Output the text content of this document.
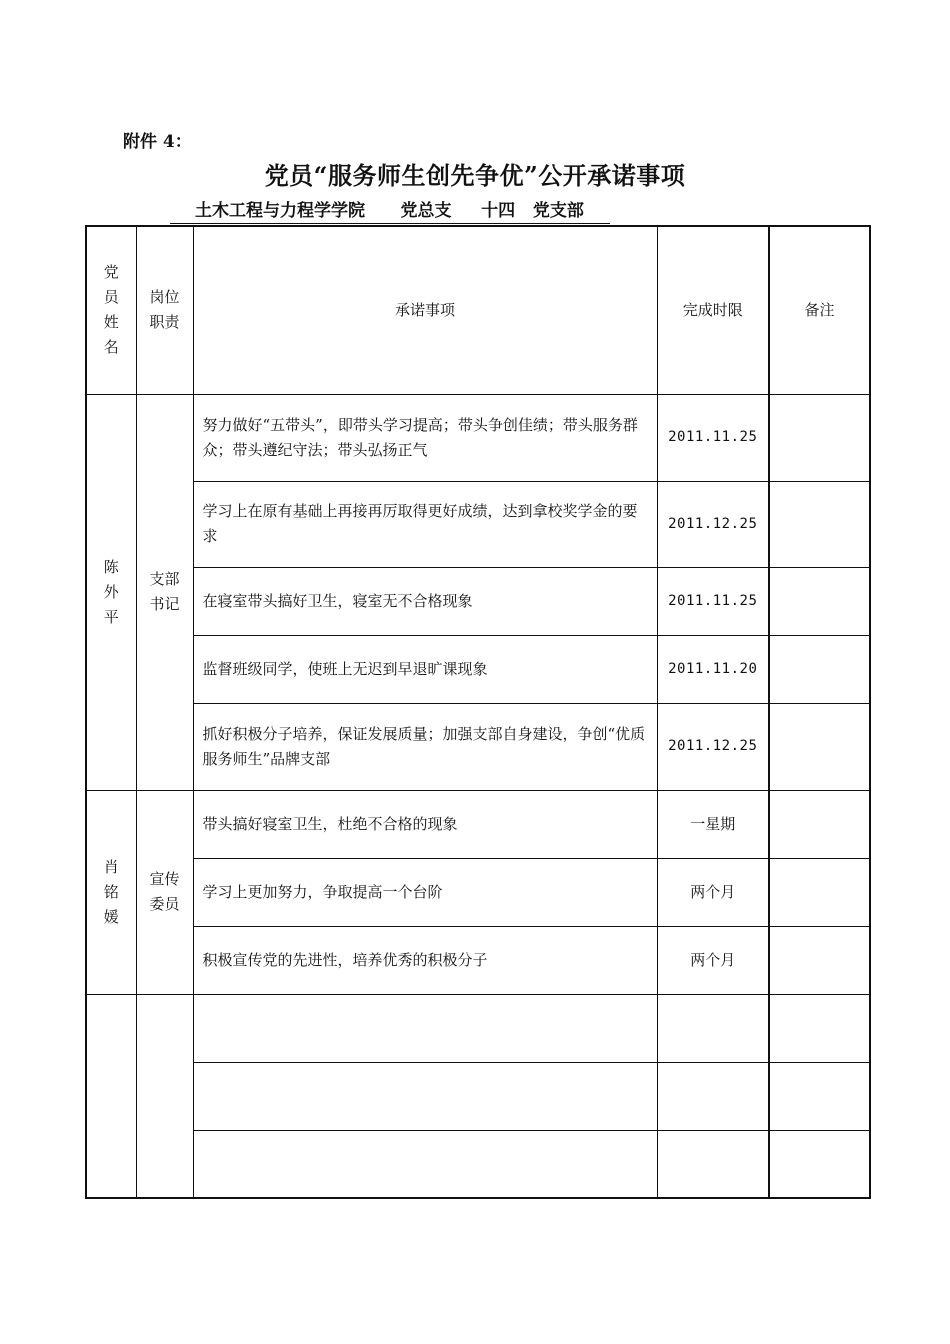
附件 4：
党员“服务师生创先争优”公开承诺事项
土木工程与力程学学院 党总支 十四 党支部
党员姓名	岗位职责	承诺事项	完成时限	备注
陈外平	支部书记	努力做好“五带头”，即带头学习提高；带头争创佳绩；带头服务群众；带头遵纪守法；带头弘扬正气	2011.11.25	
		学习上在原有基础上再接再厉取得更好成绩，达到拿校奖学金的要求	2011.12.25	
		在寝室带头搞好卫生，寝室无不合格现象	2011.11.25	
		监督班级同学，使班上无迟到早退旷课现象	2011.11.20	
		抓好积极分子培养，保证发展质量；加强支部自身建设，争创“优质服务师生”品牌支部	2011.12.25	
肖铭媛	宣传委员	带头搞好寝室卫生，杜绝不合格的现象	一星期	
		学习上更加努力，争取提高一个台阶	两个月	
		积极宣传党的先进性，培养优秀的积极分子	两个月	
